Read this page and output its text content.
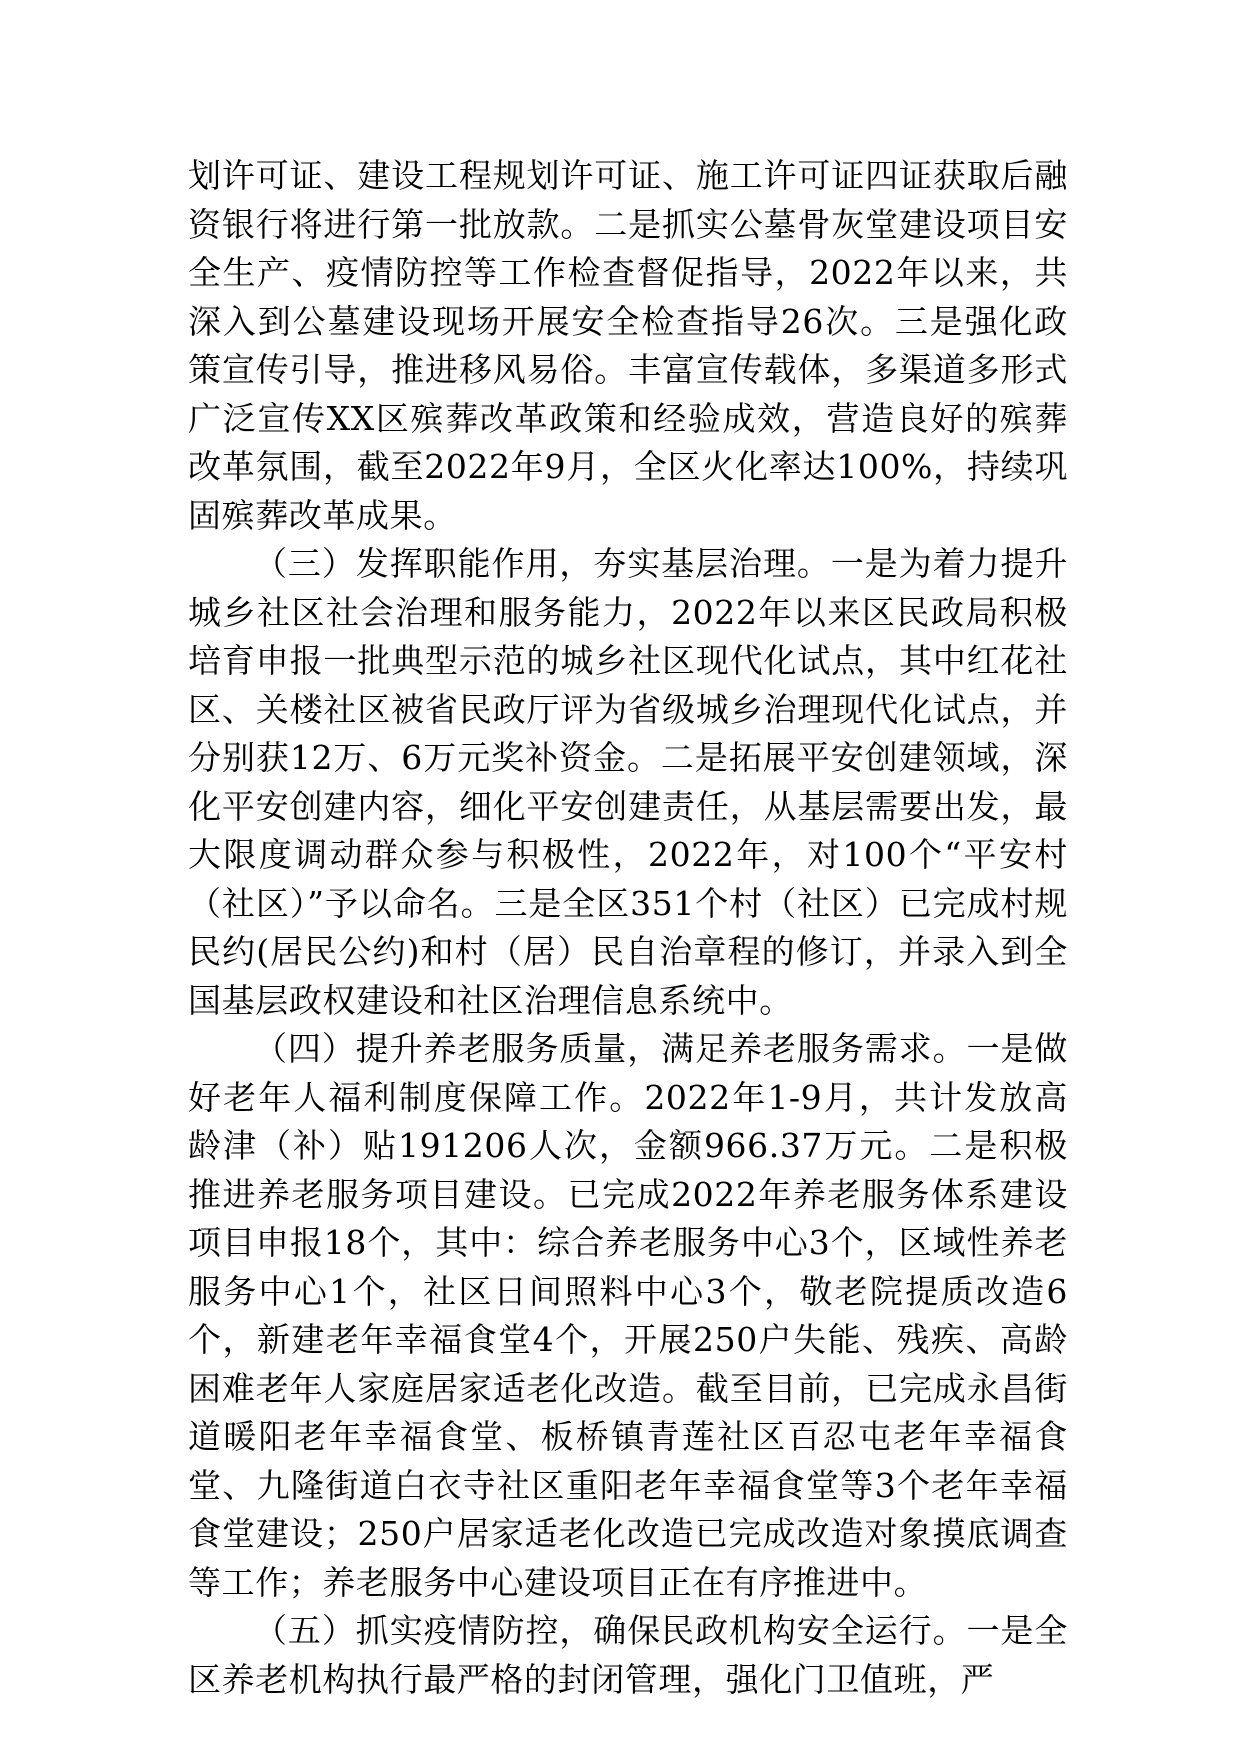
划许可证、建设工程规划许可证、施工许可证四证获取后融资银行将进行第一批放款。二是抓实公墓骨灰堂建设项目安全生产、疫情防控等工作检查督促指导，2022年以来，共深入到公墓建设现场开展安全检查指导26次。三是强化政策宣传引导，推进移风易俗。丰富宣传载体，多渠道多形式广泛宣传XX区殡葬改革政策和经验成效，营造良好的殡葬改革氛围，截至2022年9月，全区火化率达100%，持续巩固殡葬改革成果。

（三）发挥职能作用，夯实基层治理。一是为着力提升城乡社区社会治理和服务能力，2022年以来区民政局积极培育申报一批典型示范的城乡社区现代化试点，其中红花社区、关楼社区被省民政厅评为省级城乡治理现代化试点，并分别获12万、6万元奖补资金。二是拓展平安创建领域，深化平安创建内容，细化平安创建责任，从基层需要出发，最大限度调动群众参与积极性，2022年，对100个“平安村（社区）”予以命名。三是全区351个村（社区）已完成村规民约(居民公约)和村（居）民自治章程的修订，并录入到全国基层政权建设和社区治理信息系统中。

（四）提升养老服务质量，满足养老服务需求。一是做好老年人福利制度保障工作。2022年1-9月，共计发放高龄津（补）贴191206人次，金额966.37万元。二是积极推进养老服务项目建设。已完成2022年养老服务体系建设项目申报18个，其中：综合养老服务中心3个，区域性养老服务中心1个，社区日间照料中心3个，敬老院提质改造6个，新建老年幸福食堂4个，开展250户失能、残疾、高龄困难老年人家庭居家适老化改造。截至目前，已完成永昌街道暖阳老年幸福食堂、板桥镇青莲社区百忍屯老年幸福食堂、九隆街道白衣寺社区重阳老年幸福食堂等3个老年幸福食堂建设；250户居家适老化改造已完成改造对象摸底调查等工作；养老服务中心建设项目正在有序推进中。

（五）抓实疫情防控，确保民政机构安全运行。一是全区养老机构执行最严格的封闭管理，强化门卫值班，严
